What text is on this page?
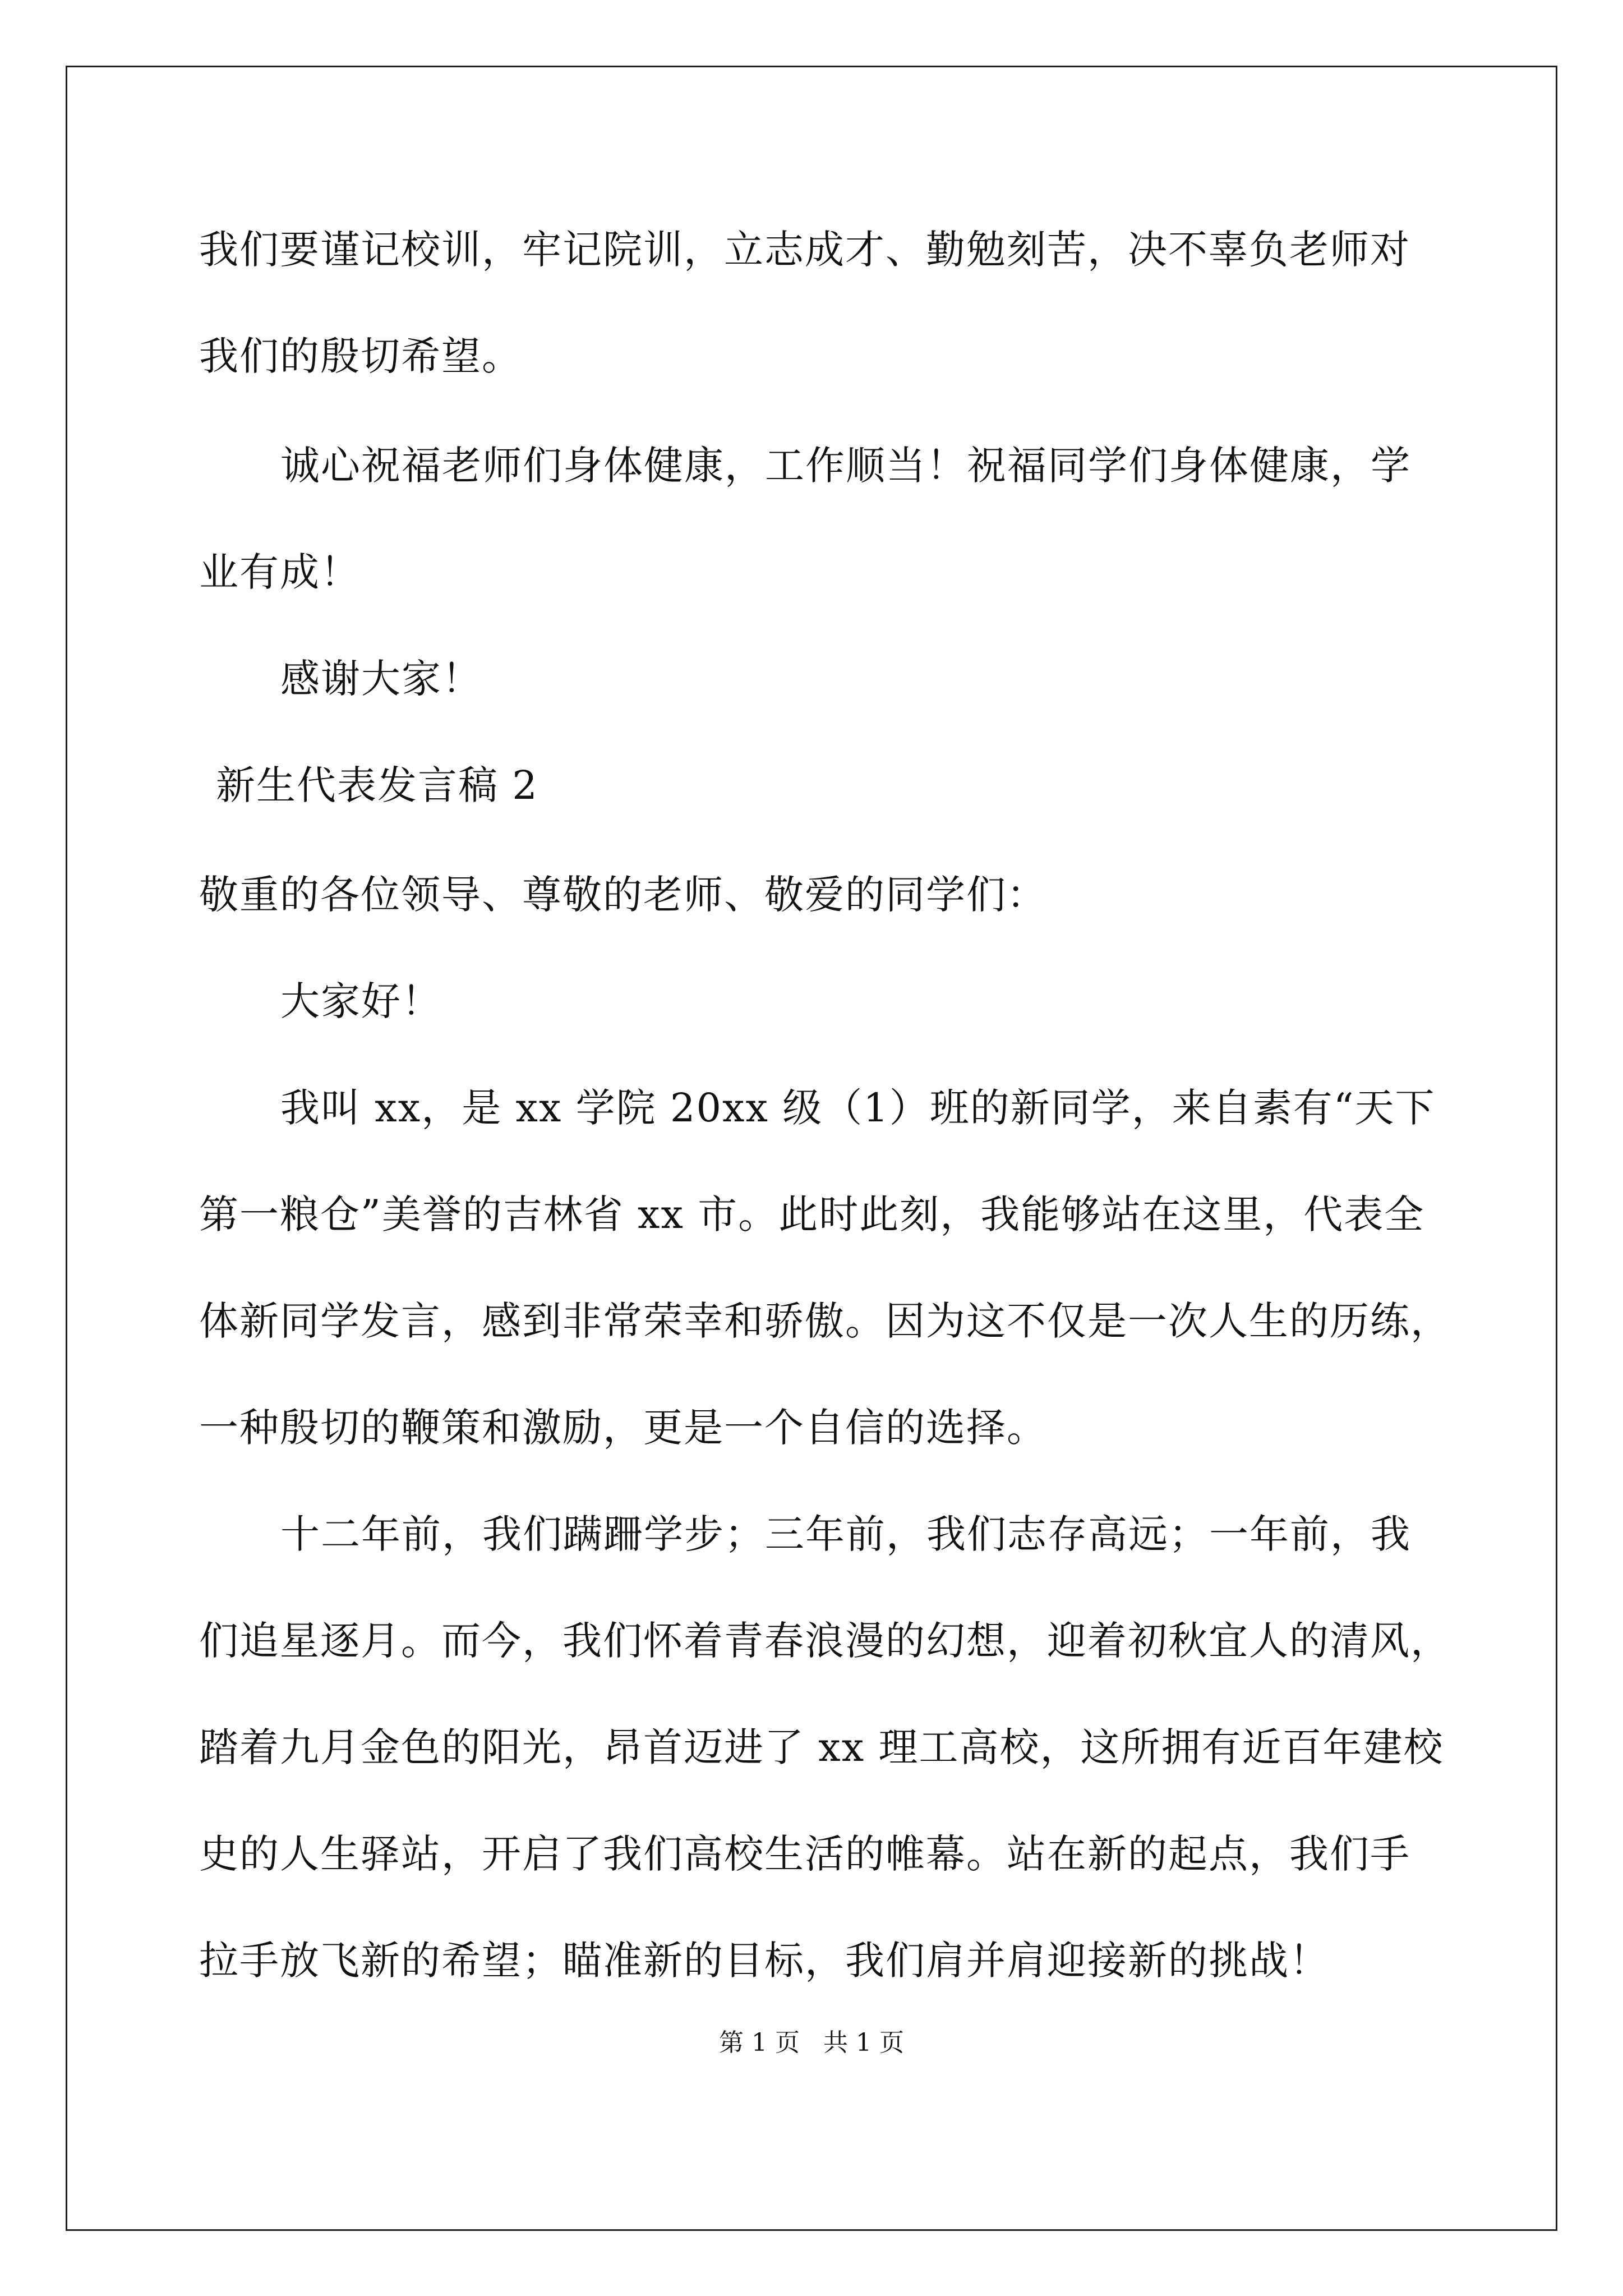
我们要谨记校训，牢记院训，立志成才、勤勉刻苦，决不辜负老师对
我们的殷切希望。
诚心祝福老师们身体健康，工作顺当！祝福同学们身体健康，学
业有成！
感谢大家！
新生代表发言稿 2
敬重的各位领导、尊敬的老师、敬爱的同学们：
大家好！
我叫 xx，是 xx 学院 20xx 级（1）班的新同学，来自素有“天下
第一粮仓”美誉的吉林省 xx 市。此时此刻，我能够站在这里，代表全
体新同学发言，感到非常荣幸和骄傲。因为这不仅是一次人生的历练，
一种殷切的鞭策和激励，更是一个自信的选择。
十二年前，我们蹒跚学步；三年前，我们志存高远；一年前，我
们追星逐月。而今，我们怀着青春浪漫的幻想，迎着初秋宜人的清风，
踏着九月金色的阳光，昂首迈进了 xx 理工高校，这所拥有近百年建校
史的人生驿站，开启了我们高校生活的帷幕。站在新的起点，我们手
拉手放飞新的希望；瞄准新的目标，我们肩并肩迎接新的挑战！
第 1 页 共 1 页
